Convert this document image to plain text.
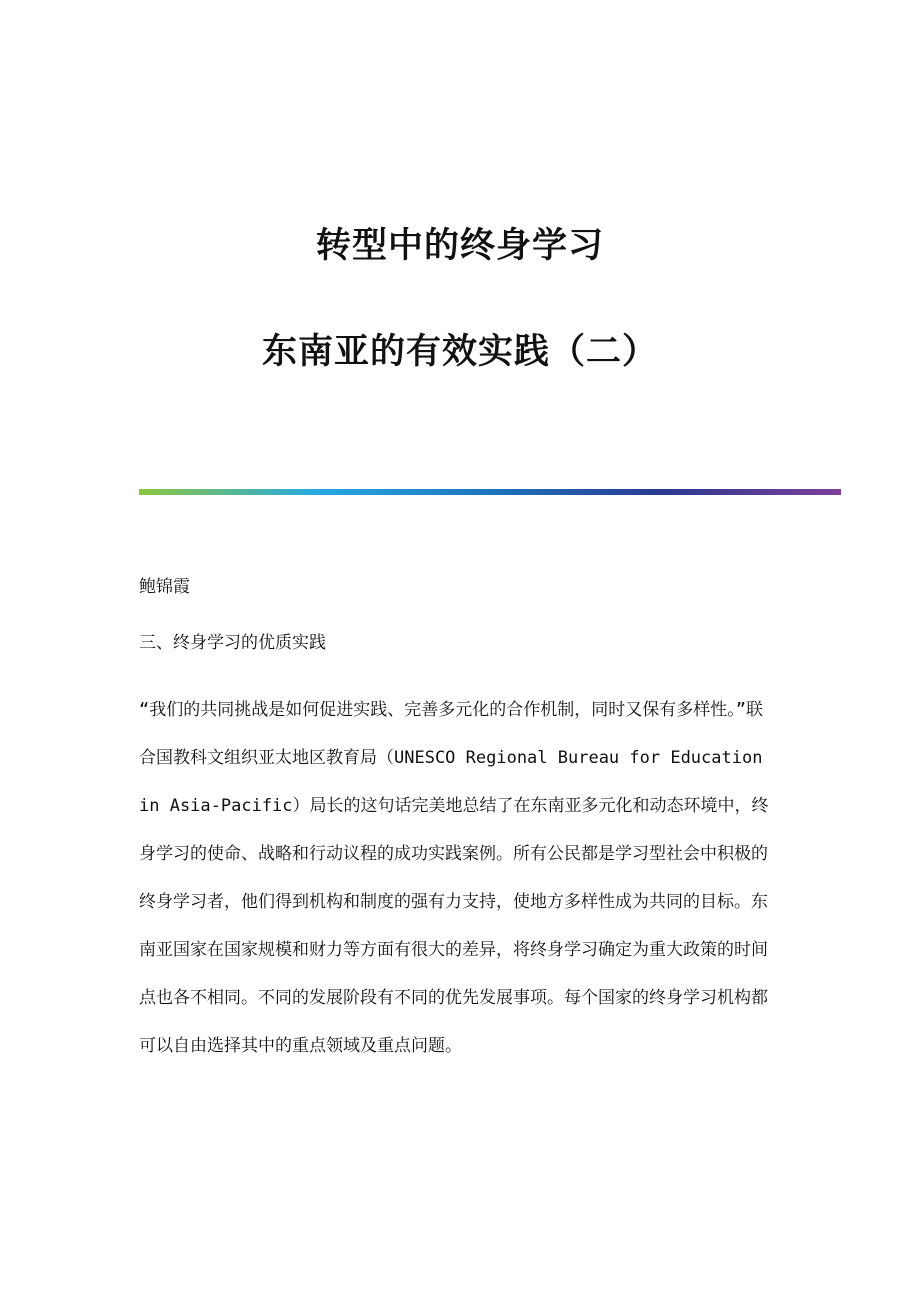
转型中的终身学习
东南亚的有效实践（二）
鲍锦霞
三、终身学习的优质实践
“我们的共同挑战是如何促进实践、完善多元化的合作机制，同时又保有多样性。”联合国教科文组织亚太地区教育局（UNESCO Regional Bureau for Education in Asia-Pacific）局长的这句话完美地总结了在东南亚多元化和动态环境中，终身学习的使命、战略和行动议程的成功实践案例。所有公民都是学习型社会中积极的终身学习者，他们得到机构和制度的强有力支持，使地方多样性成为共同的目标。东南亚国家在国家规模和财力等方面有很大的差异，将终身学习确定为重大政策的时间点也各不相同。不同的发展阶段有不同的优先发展事项。每个国家的终身学习机构都可以自由选择其中的重点领域及重点问题。
